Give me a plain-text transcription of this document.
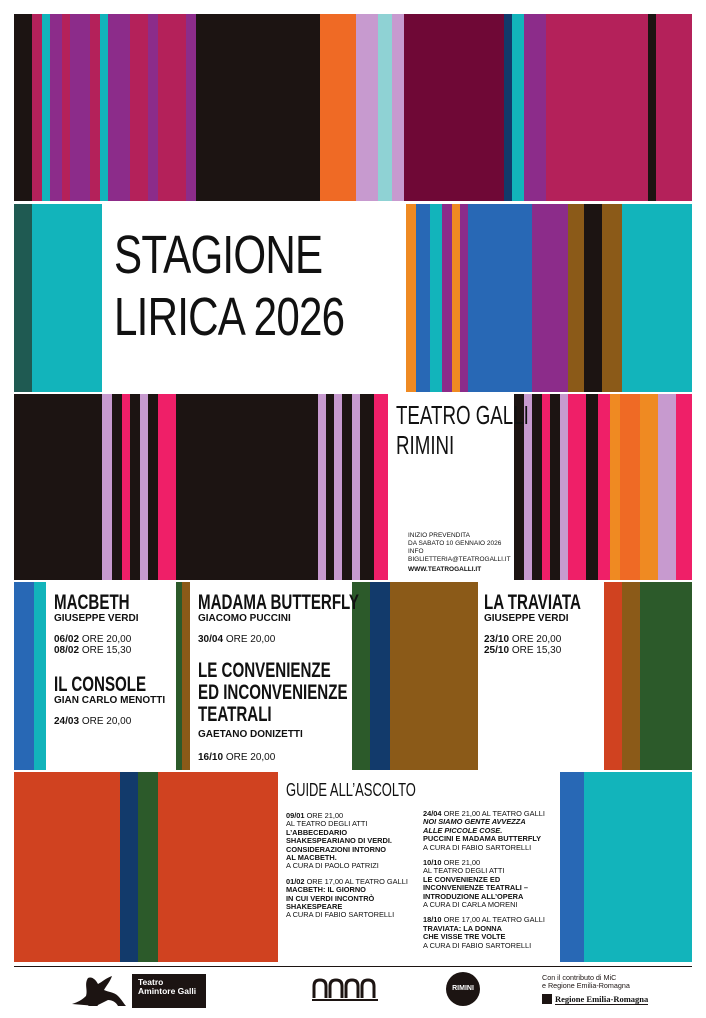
STAGIONE
LIRICA 2026
TEATRO GALLI
RIMINI
INIZIO PREVENDITA
DA SABATO 10 GENNAIO 2026
INFO
BIGLIETTERIA@TEATROGALLI.IT
WWW.TEATROGALLI.IT
MACBETH
GIUSEPPE VERDI
06/02 ORE 20,00
08/02 ORE 15,30
IL CONSOLE
GIAN CARLO MENOTTI
24/03 ORE 20,00
MADAMA BUTTERFLY
GIACOMO PUCCINI
30/04 ORE 20,00
LE CONVENIENZE
ED INCONVENIENZE
TEATRALI
GAETANO DONIZETTI
16/10 ORE 20,00
LA TRAVIATA
GIUSEPPE VERDI
23/10 ORE 20,00
25/10 ORE 15,30
GUIDE ALL’ASCOLTO
09/01 ORE 21,00
AL TEATRO DEGLI ATTI
L’ABBECEDARIO
SHAKESPEARIANO DI VERDI.
CONSIDERAZIONI INTORNO
AL MACBETH.
A CURA DI PAOLO PATRIZI
01/02 ORE 17,00 AL TEATRO GALLI
MACBETH: IL GIORNO
IN CUI VERDI INCONTRÒ
SHAKESPEARE
A CURA DI FABIO SARTORELLI
24/04 ORE 21,00 AL TEATRO GALLI
NOI SIAMO GENTE AVVEZZA
ALLE PICCOLE COSE.
PUCCINI E MADAMA BUTTERFLY
A CURA DI FABIO SARTORELLI
10/10 ORE 21,00
AL TEATRO DEGLI ATTI
LE CONVENIENZE ED
INCONVENIENZE TEATRALI –
INTRODUZIONE ALL’OPERA
A CURA DI CARLA MORENI
18/10 ORE 17,00 AL TEATRO GALLI
TRAVIATA: LA DONNA
CHE VISSE TRE VOLTE
A CURA DI FABIO SARTORELLI
Teatro
Amintore Galli	RIMINI
Con il contributo di MiC
e Regione Emilia-Romagna
Regione Emilia-Romagna
